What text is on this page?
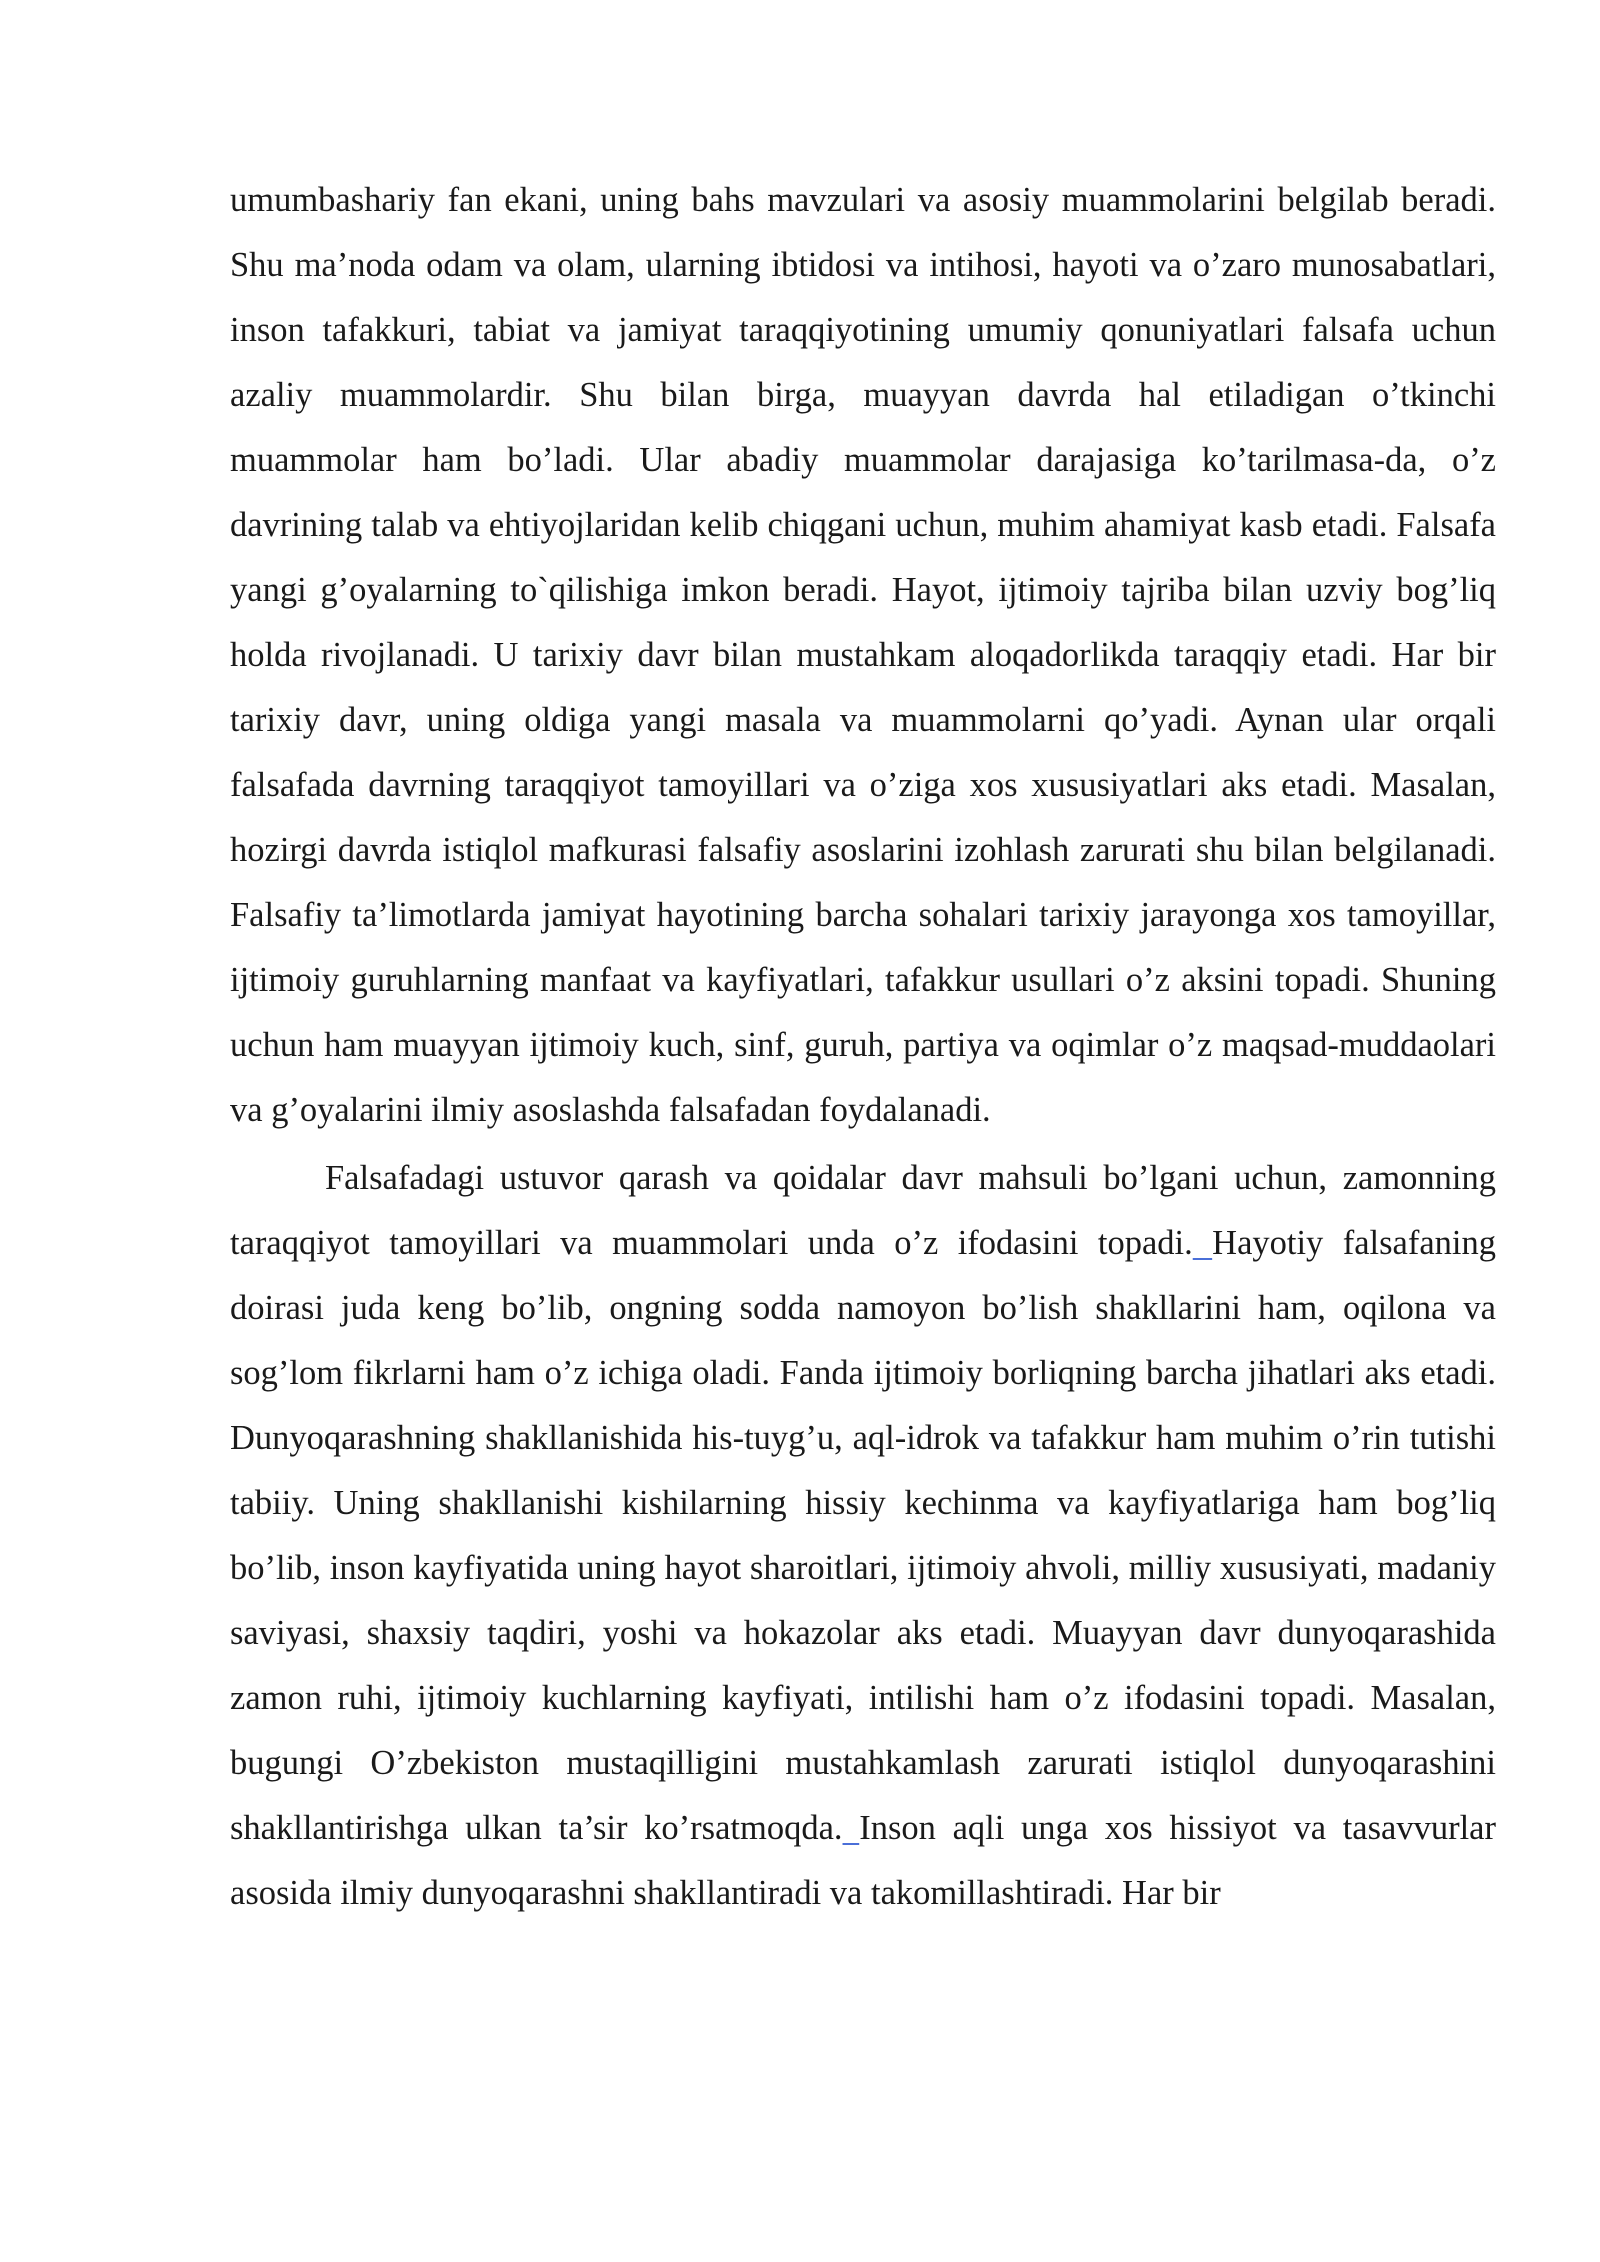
umumbashariy fan ekani, uning bahs mavzulari va asosiy muammolarini belgilab beradi. Shu ma’noda odam va olam, ularning ibtidosi va intihosi, hayoti va o’zaro munosabatlari, inson tafakkuri, tabiat va jamiyat taraqqiyotining umumiy qonuniyatlari falsafa uchun azaliy muammolardir. Shu bilan birga, muayyan davrda hal etiladigan o’tkinchi muammolar ham bo’ladi. Ular abadiy muammolar darajasiga ko’tarilmasa-da, o’z davrining talab va ehtiyojlaridan kelib chiqgani uchun, muhim ahamiyat kasb etadi. Falsafa yangi g’oyalarning to`qilishiga imkon beradi. Hayot, ijtimoiy tajriba bilan uzviy bog’liq holda rivojlanadi. U tarixiy davr bilan mustahkam aloqadorlikda taraqqiy etadi. Har bir tarixiy davr, uning oldiga yangi masala va muammolarni qo’yadi. Aynan ular orqali falsafada davrning taraqqiyot tamoyillari va o’ziga xos xususiyatlari aks etadi. Masalan, hozirgi davrda istiqlol mafkurasi falsafiy asoslarini izohlash zarurati shu bilan belgilanadi. Falsafiy ta’limotlarda jamiyat hayotining barcha sohalari tarixiy jarayonga xos tamoyillar, ijtimoiy guruhlarning manfaat va kayfiyatlari, tafakkur usullari o’z aksini topadi. Shuning uchun ham muayyan ijtimoiy kuch, sinf, guruh, partiya va oqimlar o’z maqsad-muddaolari va g’oyalarini ilmiy asoslashda falsafadan foydalanadi.

Falsafadagi ustuvor qarash va qoidalar davr mahsuli bo’lgani uchun, zamonning taraqqiyot tamoyillari va muammolari unda o’z ifodasini topadi. Hayotiy falsafaning doirasi juda keng bo’lib, ongning sodda namoyon bo’lish shakllarini ham, oqilona va sog’lom fikrlarni ham o’z ichiga oladi. Fanda ijtimoiy borliqning barcha jihatlari aks etadi. Dunyoqarashning shakllanishida his-tuyg’u, aql-idrok va tafakkur ham muhim o’rin tutishi tabiiy. Uning shakllanishi kishilarning hissiy kechinma va kayfiyatlariga ham bog’liq bo’lib, inson kayfiyatida uning hayot sharoitlari, ijtimoiy ahvoli, milliy xususiyati, madaniy saviyasi, shaxsiy taqdiri, yoshi va hokazolar aks etadi. Muayyan davr dunyoqarashida zamon ruhi, ijtimoiy kuchlarning kayfiyati, intilishi ham o’z ifodasini topadi. Masalan, bugungi O’zbekiston mustaqilligini mustahkamlash zarurati istiqlol dunyoqarashini shakllantirishga ulkan ta’sir ko’rsatmoqda. Inson aqli unga xos hissiyot va tasavvurlar asosida ilmiy dunyoqarashni shakllantiradi va takomillashtiradi. Har bir
